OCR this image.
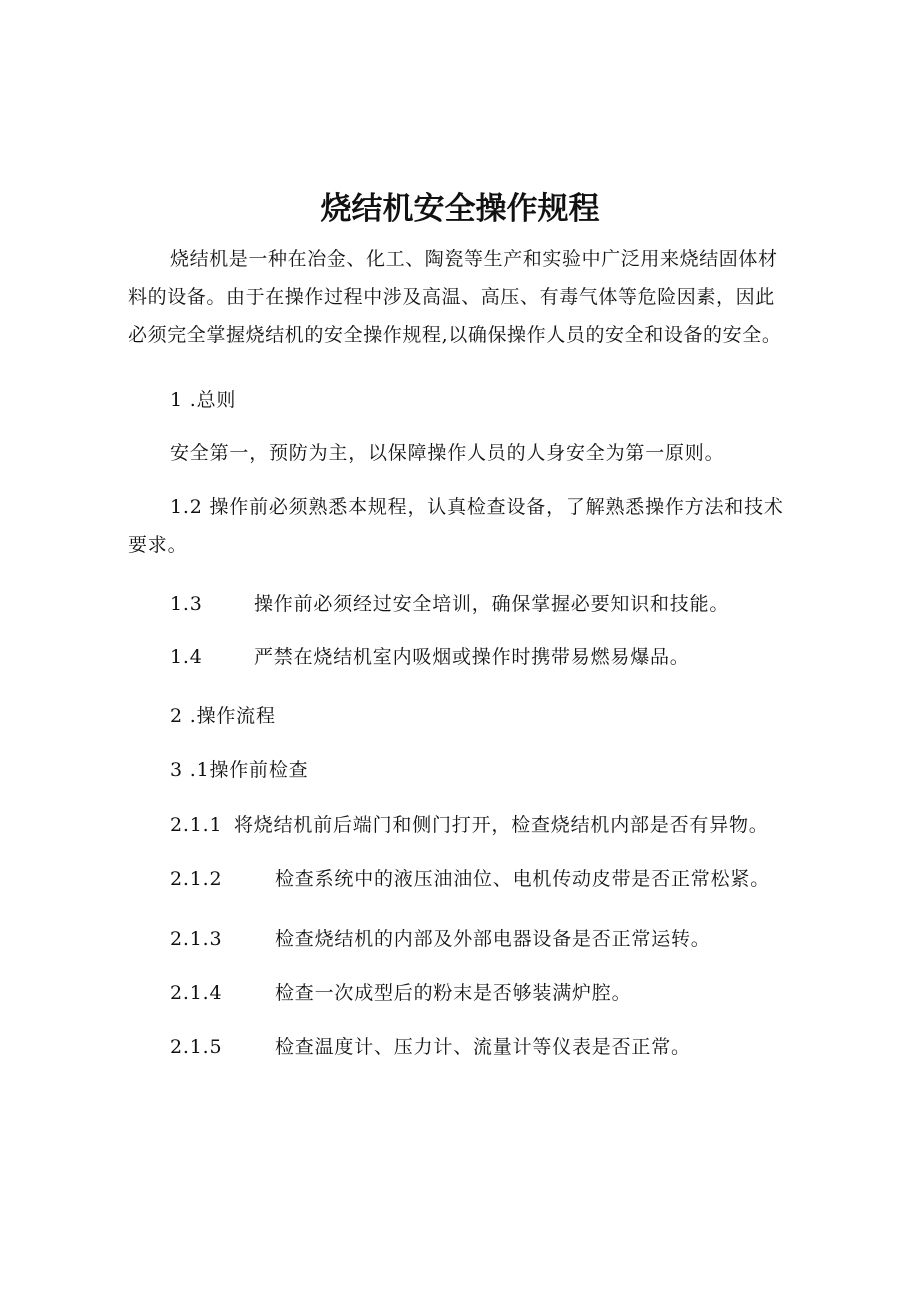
烧结机安全操作规程
烧结机是一种在冶金、化工、陶瓷等生产和实验中广泛用来烧结固体材料的设备。由于在操作过程中涉及高温、高压、有毒气体等危险因素，因此必须完全掌握烧结机的安全操作规程,以确保操作人员的安全和设备的安全。
1 .总则
安全第一，预防为主，以保障操作人员的人身安全为第一原则。
1.2 操作前必须熟悉本规程，认真检查设备，了解熟悉操作方法和技术要求。
1.3	操作前必须经过安全培训，确保掌握必要知识和技能。
1.4	严禁在烧结机室内吸烟或操作时携带易燃易爆品。
2 .操作流程
3 .1操作前检查
2.1.1 将烧结机前后端门和侧门打开，检查烧结机内部是否有异物。
2.1.2	检查系统中的液压油油位、电机传动皮带是否正常松紧。
2.1.3	检查烧结机的内部及外部电器设备是否正常运转。
2.1.4	检查一次成型后的粉末是否够装满炉腔。
2.1.5	检查温度计、压力计、流量计等仪表是否正常。
